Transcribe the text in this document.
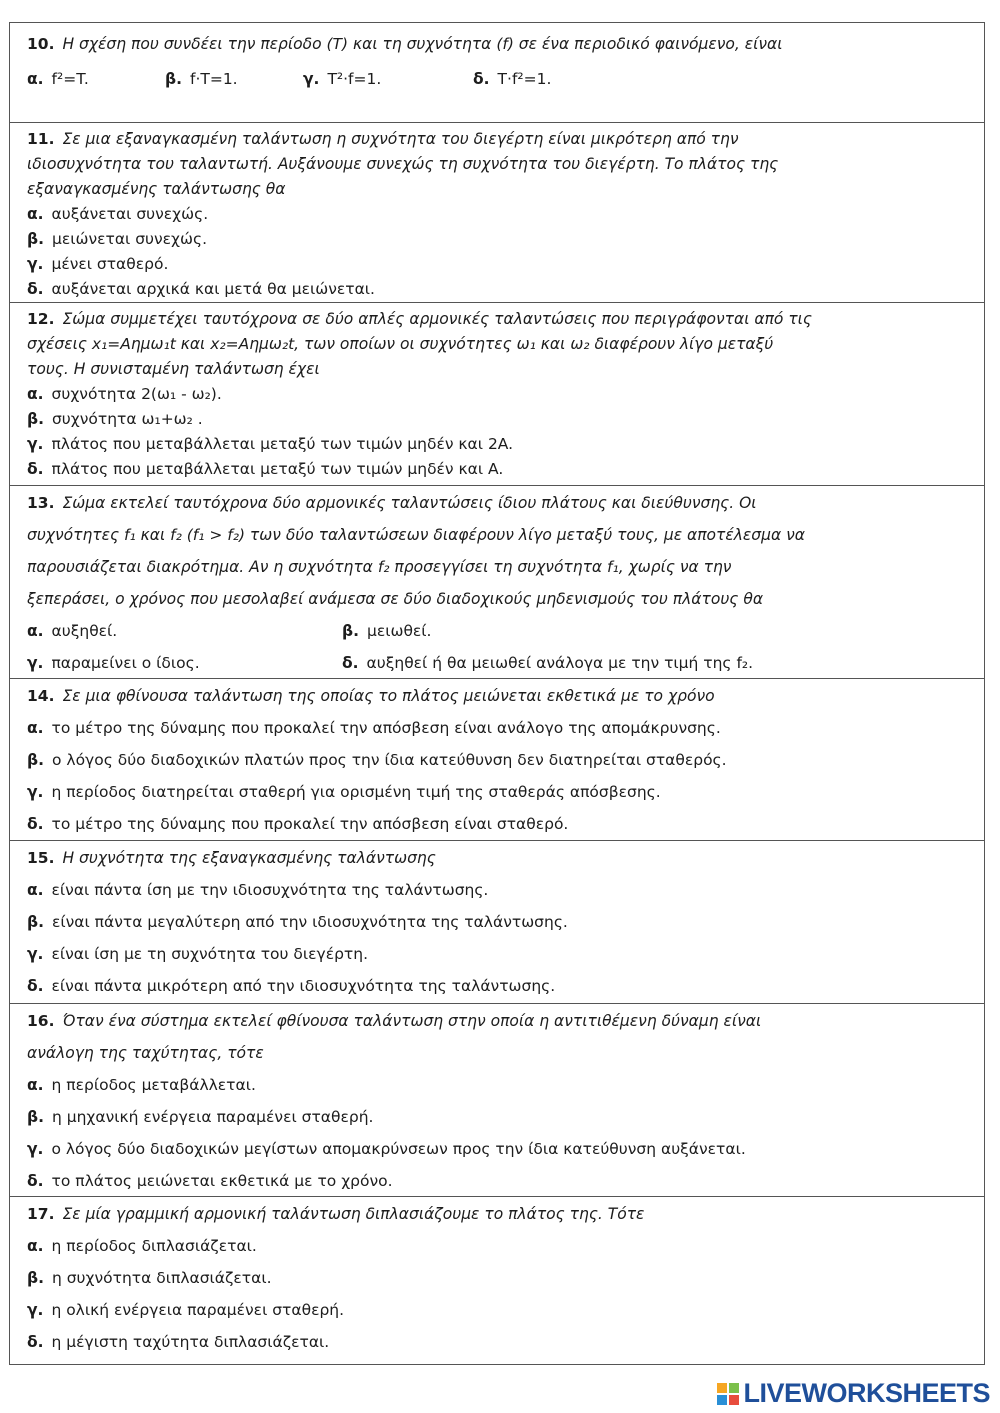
10. Η σχέση που συνδέει την περίοδο (T) και τη συχνότητα (f) σε ένα περιοδικό φαινόμενο, είναι
α. f²=T.	β. f·T=1.	γ. T²·f=1.	δ. T·f²=1.
11. Σε μια εξαναγκασμένη ταλάντωση η συχνότητα του διεγέρτη είναι μικρότερη από την ιδιοσυχνότητα του ταλαντωτή. Αυξάνουμε συνεχώς τη συχνότητα του διεγέρτη. Το πλάτος της εξαναγκασμένης ταλάντωσης θα
α. αυξάνεται συνεχώς.
β. μειώνεται συνεχώς.
γ. μένει σταθερό.
δ. αυξάνεται αρχικά και μετά θα μειώνεται.
12. Σώμα συμμετέχει ταυτόχρονα σε δύο απλές αρμονικές ταλαντώσεις που περιγράφονται από τις σχέσεις x₁=Aημω₁t και x₂=Aημω₂t, των οποίων οι συχνότητες ω₁ και ω₂ διαφέρουν λίγο μεταξύ τους. Η συνισταμένη ταλάντωση έχει
α. συχνότητα 2(ω₁ - ω₂).
β. συχνότητα ω₁+ω₂ .
γ. πλάτος που μεταβάλλεται μεταξύ των τιμών μηδέν και 2A.
δ. πλάτος που μεταβάλλεται μεταξύ των τιμών μηδέν και A.
13. Σώμα εκτελεί ταυτόχρονα δύο αρμονικές ταλαντώσεις ίδιου πλάτους και διεύθυνσης. Οι συχνότητες f₁ και f₂ (f₁ > f₂) των δύο ταλαντώσεων διαφέρουν λίγο μεταξύ τους, με αποτέλεσμα να παρουσιάζεται διακρότημα. Αν η συχνότητα f₂ προσεγγίσει τη συχνότητα f₁, χωρίς να την ξεπεράσει, ο χρόνος που μεσολαβεί ανάμεσα σε δύο διαδοχικούς μηδενισμούς του πλάτους θα
α. αυξηθεί.	β. μειωθεί.
γ. παραμείνει ο ίδιος.	δ. αυξηθεί ή θα μειωθεί ανάλογα με την τιμή της f₂.
14. Σε μια φθίνουσα ταλάντωση της οποίας το πλάτος μειώνεται εκθετικά με το χρόνο
α. το μέτρο της δύναμης που προκαλεί την απόσβεση είναι ανάλογο της απομάκρυνσης.
β. ο λόγος δύο διαδοχικών πλατών προς την ίδια κατεύθυνση δεν διατηρείται σταθερός.
γ. η περίοδος διατηρείται σταθερή για ορισμένη τιμή της σταθεράς απόσβεσης.
δ. το μέτρο της δύναμης που προκαλεί την απόσβεση είναι σταθερό.
15. Η συχνότητα της εξαναγκασμένης ταλάντωσης
α. είναι πάντα ίση με την ιδιοσυχνότητα της ταλάντωσης.
β. είναι πάντα μεγαλύτερη από την ιδιοσυχνότητα της ταλάντωσης.
γ. είναι ίση με τη συχνότητα του διεγέρτη.
δ. είναι πάντα μικρότερη από την ιδιοσυχνότητα της ταλάντωσης.
16. Όταν ένα σύστημα εκτελεί φθίνουσα ταλάντωση στην οποία η αντιτιθέμενη δύναμη είναι ανάλογη της ταχύτητας, τότε
α. η περίοδος μεταβάλλεται.
β. η μηχανική ενέργεια παραμένει σταθερή.
γ. ο λόγος δύο διαδοχικών μεγίστων απομακρύνσεων προς την ίδια κατεύθυνση αυξάνεται.
δ. το πλάτος μειώνεται εκθετικά με το χρόνο.
17. Σε μία γραμμική αρμονική ταλάντωση διπλασιάζουμε το πλάτος της. Τότε
α. η περίοδος διπλασιάζεται.
β. η συχνότητα διπλασιάζεται.
γ. η ολική ενέργεια παραμένει σταθερή.
δ. η μέγιστη ταχύτητα διπλασιάζεται.
LIVEWORKSHEETS
